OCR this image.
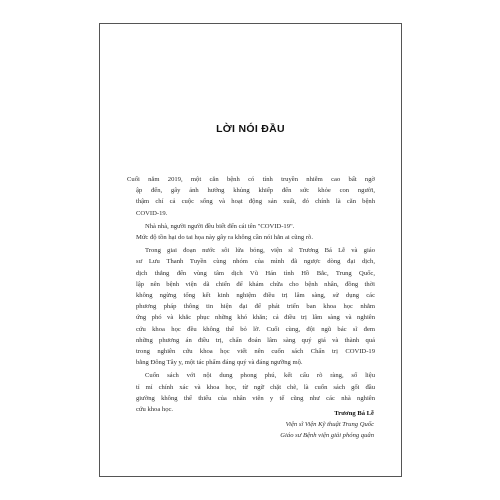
LỜI NÓI ĐẦU

Cuối năm 2019, một căn bệnh có tính truyền nhiễm cao bất ngờ
ập đến, gây ảnh hưởng khủng khiếp đến sức khỏe con người,
thậm chí cả cuộc sống và hoạt động sản xuất, đó chính là căn bệnh
COVID-19.

Nhà nhà, người người đều biết đến cái tên "COVID-19".
Mức độ tồn hại do tai họa này gây ra không cần nói hẳn ai cũng rõ.

Trong giai đoạn nước sôi lửa bỏng, viện sĩ Trương Bá Lễ và giáo
sư Lưu Thanh Tuyền cùng nhóm của mình đã ngược dòng đại dịch,
dịch thẳng đến vùng tâm dịch Vũ Hán tỉnh Hồ Bắc, Trung Quốc,
lập nên bệnh viện dã chiến để khám chữa cho bệnh nhân, đồng thời
không ngừng tổng kết kinh nghiệm điều trị lâm sàng, sử dụng các
phương pháp thông tin hiện đại để phát triển ban khoa học nhằm
ứng phó và khắc phục những khó khăn; cả điều trị lâm sàng và nghiên
cứu khoa học đều không thể bỏ lỡ. Cuối cùng, đội ngũ bác sĩ đem
những phương án điều trị, chẩn đoán lâm sàng quý giá và thành quả
trong nghiên cứu khoa học viết nên cuốn sách Chẩn trị COVID-19
bằng Đông Tây y, một tác phẩm đáng quý và đáng ngưỡng mộ.

Cuốn sách với nội dung phong phú, kết cấu rõ ràng, số liệu
tỉ mỉ chính xác và khoa học, từ ngữ chặt chẽ, là cuốn sách gối đầu
giường không thể thiếu của nhân viên y tế cũng như các nhà nghiên
cứu khoa học.

Trương Bá Lễ
Viện sĩ Viện Kỹ thuật Trung Quốc
Giáo sư Bệnh viện giải phóng quân
